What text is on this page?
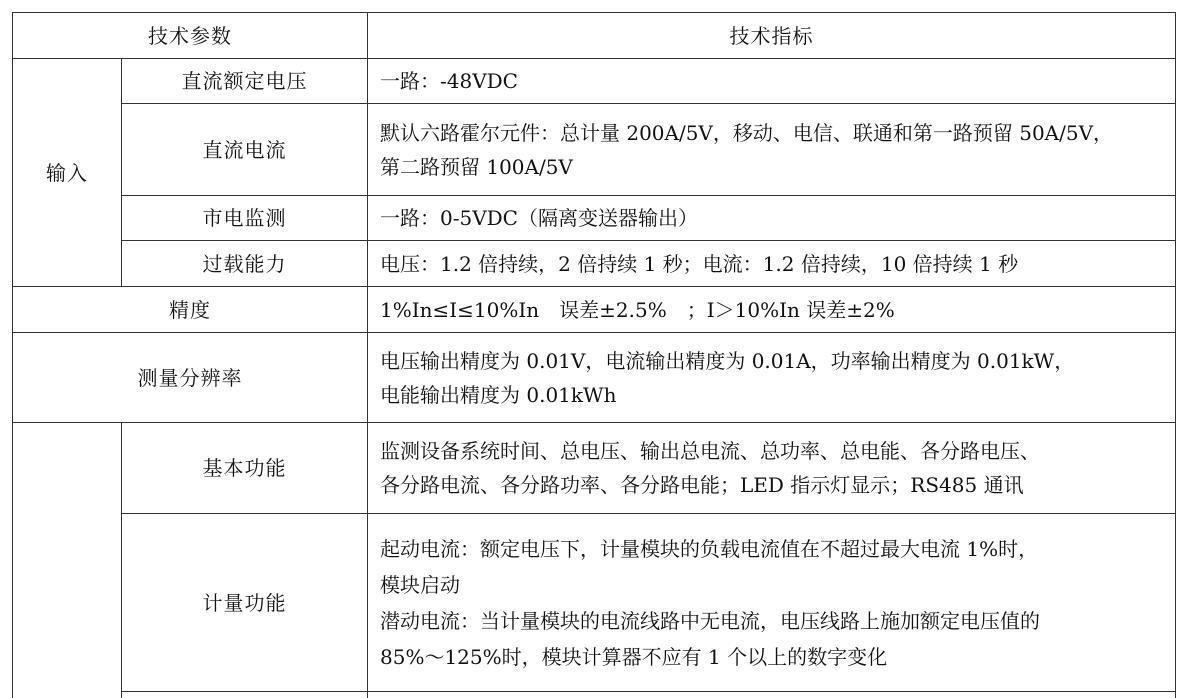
技术参数		技术指标
输入	直流额定电压	一路：-48VDC
	直流电流	默认六路霍尔元件：总计量 200A/5V，移动、电信、联通和第一路预留 50A/5V，
第二路预留 100A/5V

	市电监测	一路：0-5VDC（隔离变送器输出）
	过载能力	电压：1.2 倍持续，2 倍持续 1 秒；电流：1.2 倍持续，10 倍持续 1 秒
精度		1%In≤I≤10%In　误差±2.5%　；I＞10%In 误差±2%
测量分辨率		电压输出精度为 0.01V，电流输出精度为 0.01A，功率输出精度为 0.01kW，
电能输出精度为 0.01kWh

	基本功能	监测设备系统时间、总电压、输出总电流、总功率、总电能、各分路电压、
各分路电流、各分路功率、各分路电能；LED 指示灯显示；RS485 通讯

	计量功能	起动电流：额定电压下，计量模块的负载电流值在不超过最大电流 1%时，
模块启动
潜动电流：当计量模块的电流线路中无电流，电压线路上施加额定电压值的
85%～125%时，模块计算器不应有 1 个以上的数字变化
